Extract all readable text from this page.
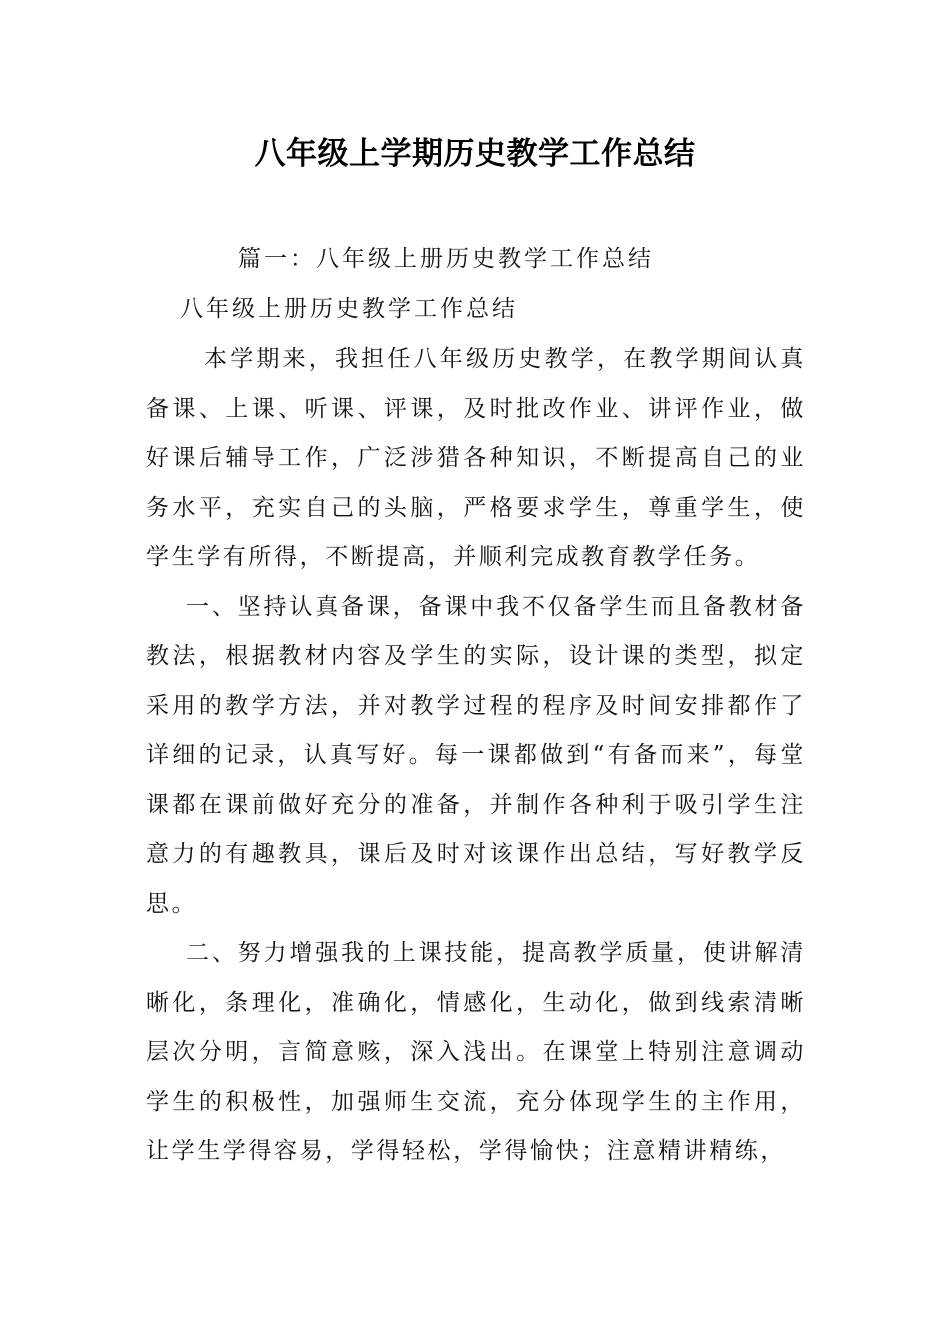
八年级上学期历史教学工作总结
篇一：八年级上册历史教学工作总结
八年级上册历史教学工作总结

本学期来，我担任八年级历史教学，在教学期间认真备课、上课、听课、评课，及时批改作业、讲评作业，做好课后辅导工作，广泛涉猎各种知识，不断提高自己的业务水平，充实自己的头脑，严格要求学生，尊重学生，使学生学有所得，不断提高，并顺利完成教育教学任务。

一、坚持认真备课，备课中我不仅备学生而且备教材备教法，根据教材内容及学生的实际，设计课的类型，拟定采用的教学方法，并对教学过程的程序及时间安排都作了详细的记录，认真写好。每一课都做到“有备而来”，每堂课都在课前做好充分的准备，并制作各种利于吸引学生注意力的有趣教具，课后及时对该课作出总结，写好教学反思。

二、努力增强我的上课技能，提高教学质量，使讲解清晰化，条理化，准确化，情感化，生动化，做到线索清晰层次分明，言简意赅，深入浅出。在课堂上特别注意调动学生的积极性，加强师生交流，充分体现学生的主作用，让学生学得容易，学得轻松，学得愉快；注意精讲精练，
